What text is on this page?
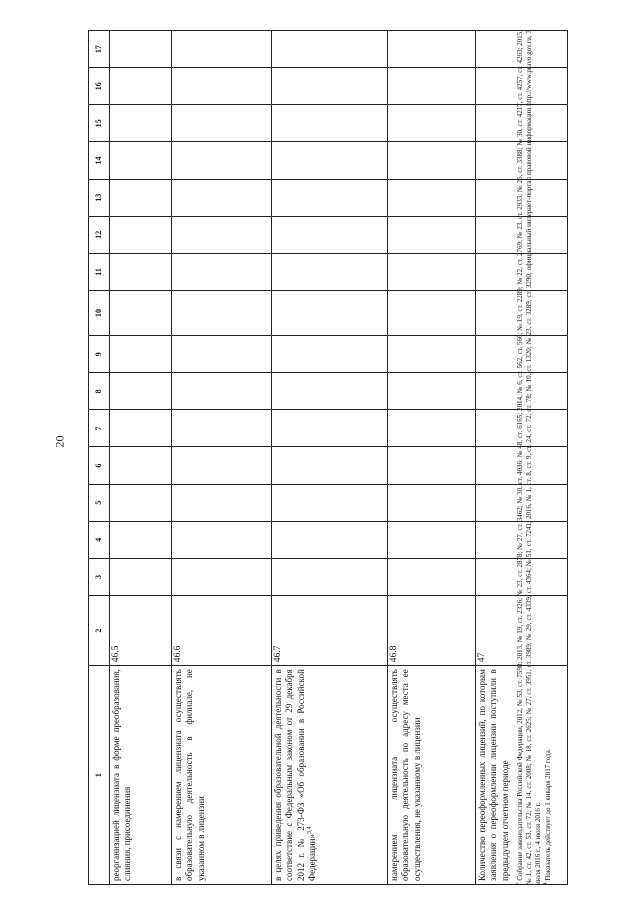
20
1	2	3	4	5	6	7	8	9	10	11	12	13	14	15	16	17
реорганизацией лицензиата в форме преобразования, слияния, присоединения	46.5															
в связи с намерением лицензиата осуществлять образовательную деятельность в филиале, не указанном в лицензии	46.6															
в целях приведения образовательной деятельности в соответствие с Федеральным законом от 29 декабря 2012 г. № 273-ФЗ «Об образовании в Российской Федерации»$^{3,4}$	46.7															
намерением лицензиата осуществлять образовательную деятельность по адресу места ее осуществления, не указанному в лицензии	46.8															
Количество переоформленных лицензий, по которым заявления о переоформлении лицензии поступили в предыдущем отчетном периоде	47															

$^3$ Собрание законодательства Российской Федерации, 2012, № 53, ст. 7598; 2013, № 19, ст. 2326; № 23, ст. 2878; № 27, ст. 3462; № 30, ст. 4036; № 48, ст. 6165; 2014, № 6, ст. 562, ст. 566; № 19, ст. 2289; № 22, ст. 2769; № 23, ст. 2933; № 26, ст. 3388; № 30, ст. 4217, ст. 4257, ст. 4263; 2015, № 1, ст. 42, ст. 53, ст. 72; № 14, ст. 2008; № 18, ст. 2625; № 27, ст. 3951, ст. 3989; № 29, ст. 4339, ст. 4364; № 51, ст. 7241; 2016, № 1, ст. 8, ст. 9, ст. 24, ст. 72, ст. 78; № 10, ст. 1320; № 23, ст. 3289, ст. 3290; официальный интернет-портал правовой информации http://www.pravo.gov.ru, 3 июля 2016 г., 4 июля 2016 г. $^4$ Показатель действует до 1 января 2017 года.
